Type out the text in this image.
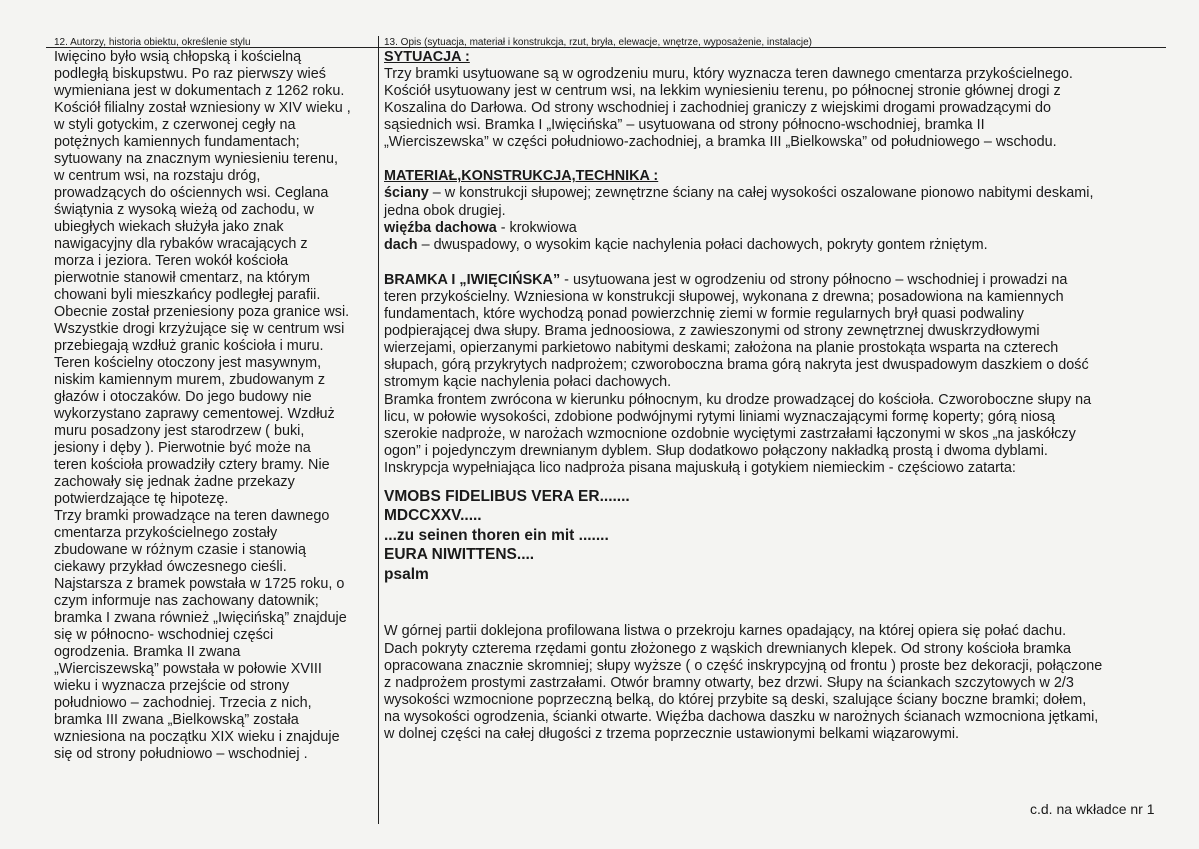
12. Autorzy, historia obiektu, określenie stylu	13. Opis (sytuacja, materiał i konstrukcja, rzut, bryła, elewacje, wnętrze, wyposażenie, instalacje)
Iwięcino było wsią chłopską i kościelną
podległą biskupstwu. Po raz pierwszy wieś
wymieniana jest w dokumentach z 1262 roku.
Kościół filialny został wzniesiony w XIV wieku ,
w styli gotyckim, z czerwonej cegły na
potężnych kamiennych fundamentach;
sytuowany na znacznym wyniesieniu terenu,
w centrum wsi, na rozstaju dróg,
prowadzących do ościennych wsi. Ceglana
świątynia z wysoką wieżą od zachodu, w
ubiegłych wiekach służyła jako znak
nawigacyjny dla rybaków wracających z
morza i jeziora. Teren wokół kościoła
pierwotnie stanowił cmentarz, na którym
chowani byli mieszkańcy podległej parafii.
Obecnie został przeniesiony poza granice wsi.
Wszystkie drogi krzyżujące się w centrum wsi
przebiegają wzdłuż granic kościoła i muru.
Teren kościelny otoczony jest masywnym,
niskim kamiennym murem, zbudowanym z
głazów i otoczaków. Do jego budowy nie
wykorzystano zaprawy cementowej. Wzdłuż
muru posadzony jest starodrzew ( buki,
jesiony i dęby ). Pierwotnie być może na
teren kościoła prowadziły cztery bramy. Nie
zachowały się jednak żadne przekazy
potwierdzające tę hipotezę.
Trzy bramki prowadzące na teren dawnego
cmentarza przykościelnego zostały
zbudowane w różnym czasie i stanowią
ciekawy przykład ówczesnego cieśli.
Najstarsza z bramek powstała w 1725 roku, o
czym informuje nas zachowany datownik;
bramka I zwana również „Iwięcińską” znajduje
się w północno- wschodniej części
ogrodzenia. Bramka II zwana
„Wierciszewską” powstała w połowie XVIII
wieku i wyznacza przejście od strony
południowo – zachodniej. Trzecia z nich,
bramka III zwana „Bielkowską” została
wzniesiona na początku XIX wieku i znajduje
się od strony południowo – wschodniej .

SYTUACJA :

Trzy bramki usytuowane są w ogrodzeniu muru, który wyznacza teren dawnego cmentarza przykościelnego.
Kościół usytuowany jest w centrum wsi, na lekkim wyniesieniu terenu, po północnej stronie głównej drogi z
Koszalina do Darłowa. Od strony wschodniej i zachodniej graniczy z wiejskimi drogami prowadzącymi do
sąsiednich wsi. Bramka I „Iwięcińska” – usytuowana od strony północno-wschodniej, bramka II
„Wierciszewska” w części południowo-zachodniej, a bramka III „Bielkowska” od południowego – wschodu.

MATERIAŁ,KONSTRUKCJA,TECHNIKA :

ściany – w konstrukcji słupowej; zewnętrzne ściany na całej wysokości oszalowane pionowo nabitymi deskami,
jedna obok drugiej.

więźba dachowa - krokwiowa

dach – dwuspadowy, o wysokim kącie nachylenia połaci dachowych, pokryty gontem rżniętym.

BRAMKA I „IWIĘCIŃSKA” - usytuowana jest w ogrodzeniu od strony północno – wschodniej i prowadzi na
teren przykościelny. Wzniesiona w konstrukcji słupowej, wykonana z drewna; posadowiona na kamiennych
fundamentach, które wychodzą ponad powierzchnię ziemi w formie regularnych brył quasi podwaliny
podpierającej dwa słupy. Brama jednoosiowa, z zawieszonymi od strony zewnętrznej dwuskrzydłowymi
wierzejami, opierzanymi parkietowo nabitymi deskami; założona na planie prostokąta wsparta na czterech
słupach, górą przykrytych nadprożem; czworoboczna brama górą nakryta jest dwuspadowym daszkiem o dość
stromym kącie nachylenia połaci dachowych.

Bramka frontem zwrócona w kierunku północnym, ku drodze prowadzącej do kościoła. Czworoboczne słupy na
licu, w połowie wysokości, zdobione podwójnymi rytymi liniami wyznaczającymi formę koperty; górą niosą
szerokie nadproże, w narożach wzmocnione ozdobnie wyciętymi zastrzałami łączonymi w skos „na jaskółczy
ogon” i pojedynczym drewnianym dyblem. Słup dodatkowo połączony nakładką prostą i dwoma dyblami.
Inskrypcja wypełniająca lico nadproża pisana majuskułą i gotykiem niemieckim - częściowo zatarta:

VMOBS FIDELIBUS VERA ER.......

MDCCXXV.....

...zu seinen thoren ein mit .......

EURA NIWITTENS....

psalm

W górnej partii doklejona profilowana listwa o przekroju karnes opadający, na której opiera się połać dachu.
Dach pokryty czterema rzędami gontu złożonego z wąskich drewnianych klepek. Od strony kościoła bramka
opracowana znacznie skromniej; słupy wyższe ( o część inskrypcyjną od frontu ) proste bez dekoracji, połączone
z nadprożem prostymi zastrzałami. Otwór bramny otwarty, bez drzwi. Słupy na ściankach szczytowych w 2/3
wysokości wzmocnione poprzeczną belką, do której przybite są deski, szalujące ściany boczne bramki; dołem,
na wysokości ogrodzenia, ścianki otwarte. Więźba dachowa daszku w narożnych ścianach wzmocniona jętkami,
w dolnej części na całej długości z trzema poprzecznie ustawionymi belkami wiązarowymi.

c.d. na wkładce nr 1
